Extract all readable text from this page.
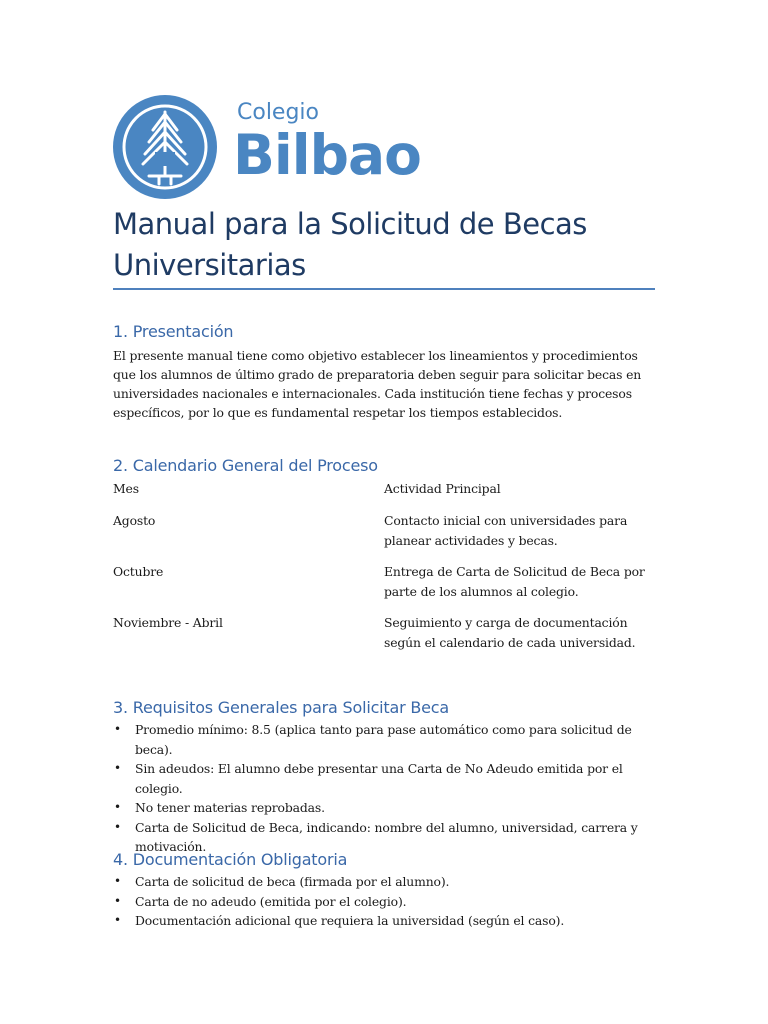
Colegio
Bilbao
Manual para la Solicitud de Becas Universitarias
1. Presentación

El presente manual tiene como objetivo establecer los lineamientos y procedimientos que los alumnos de último grado de preparatoria deben seguir para solicitar becas en universidades nacionales e internacionales. Cada institución tiene fechas y procesos específicos, por lo que es fundamental respetar los tiempos establecidos.

2. Calendario General del Proceso
Mes	Actividad Principal
Agosto	Contacto inicial con universidades para planear actividades y becas.
Octubre	Entrega de Carta de Solicitud de Beca por parte de los alumnos al colegio.
Noviembre - Abril	Seguimiento y carga de documentación según el calendario de cada universidad.
3. Requisitos Generales para Solicitar Beca
• Promedio mínimo: 8.5 (aplica tanto para pase automático como para solicitud de beca).
• Sin adeudos: El alumno debe presentar una Carta de No Adeudo emitida por el colegio.
• No tener materias reprobadas.
• Carta de Solicitud de Beca, indicando: nombre del alumno, universidad, carrera y motivación.
4. Documentación Obligatoria
• Carta de solicitud de beca (firmada por el alumno).
• Carta de no adeudo (emitida por el colegio).
• Documentación adicional que requiera la universidad (según el caso).
